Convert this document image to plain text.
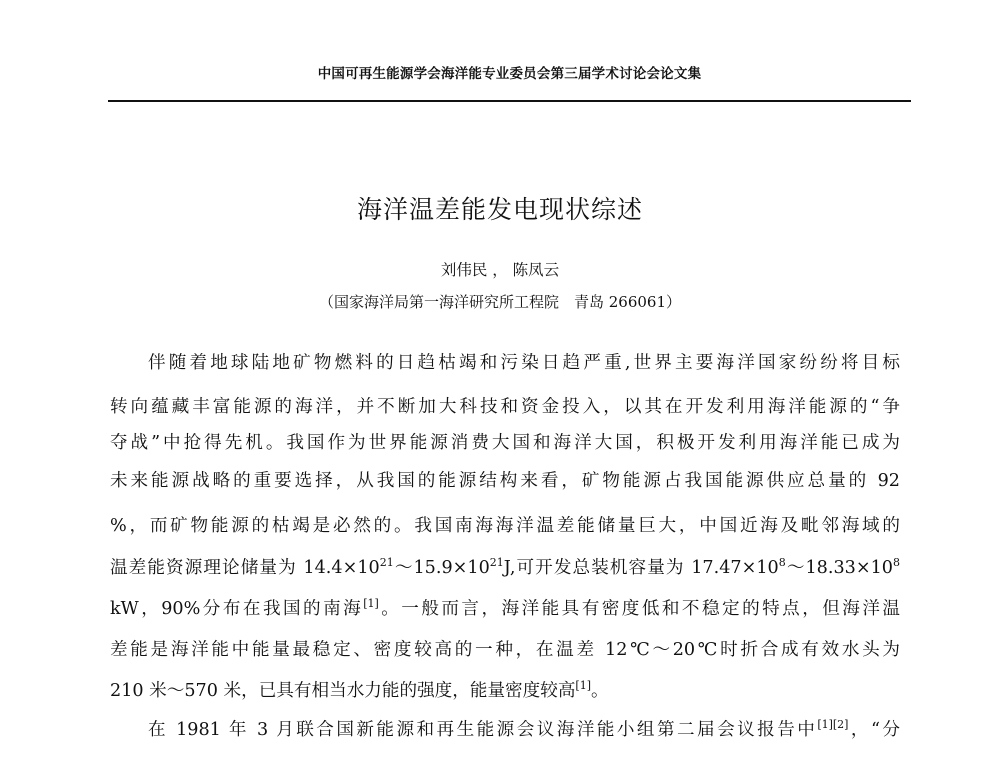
中国可再生能源学会海洋能专业委员会第三届学术讨论会论文集
海洋温差能发电现状综述
刘伟民 ， 陈凤云
（国家海洋局第一海洋研究所工程院　青岛 266061）
伴随着地球陆地矿物燃料的日趋枯竭和污染日趋严重,世界主要海洋国家纷纷将目标
转向蕴藏丰富能源的海洋，并不断加大科技和资金投入，以其在开发利用海洋能源的“争
夺战”中抢得先机。我国作为世界能源消费大国和海洋大国，积极开发利用海洋能已成为
未来能源战略的重要选择，从我国的能源结构来看，矿物能源占我国能源供应总量的 92
%，而矿物能源的枯竭是必然的。我国南海海洋温差能储量巨大，中国近海及毗邻海域的
温差能资源理论储量为 $14.4\times 10^{21}\sim 15.9\times 10^{21}J$,可开发总装机容量为 $17.47\times 10^8\sim 18.33\times 10^8$
kW，90%分布在我国的南海[1]。一般而言，海洋能具有密度低和不稳定的特点，但海洋温
差能是海洋能中能量最稳定、密度较高的一种，在温差 12℃～20℃时折合成有效水头为
210 米～570 米，已具有相当水力能的强度，能量密度较高[1]。
在 1981 年 3 月联合国新能源和再生能源会议海洋能小组第二届会议报告中[1][2]，“分
